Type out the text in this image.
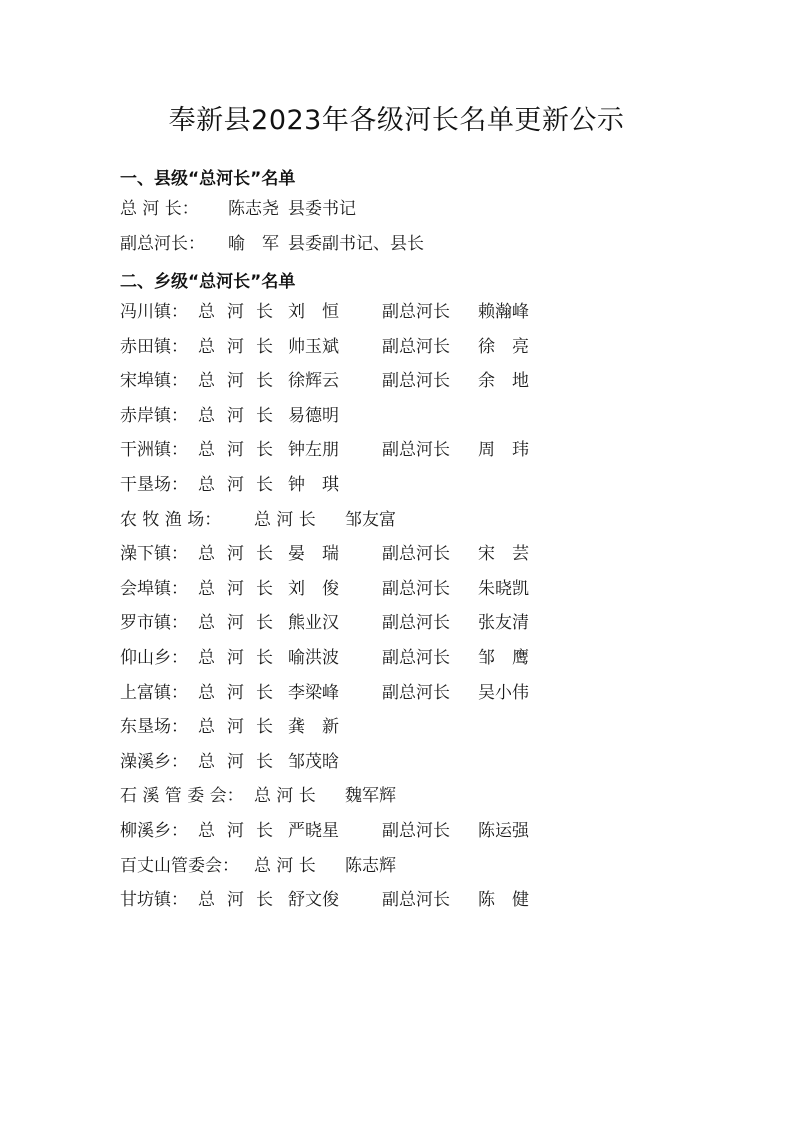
奉新县2023年各级河长名单更新公示
一、县级“总河长”名单
总 河 长： 陈志尧 县委书记
副总河长： 喻　军 县委副书记、县长
二、乡级“总河长”名单
冯川镇： 总河长 刘恒 副总河长 赖瀚峰
赤田镇： 总河长 帅玉斌	副总河长 徐亮
宋埠镇： 总河长 徐辉云	副总河长 余地
赤岸镇： 总河长 易德明
干洲镇： 总河长 钟左朋	副总河长 周玮
干垦场： 总河长 钟琪
农 牧 渔 场： 总 河 长 邹友富
澡下镇： 总河长 晏瑞 副总河长 宋芸
会埠镇： 总河长 刘俊 副总河长 朱晓凯
罗市镇： 总河长 熊业汉	副总河长 张友清
仰山乡： 总河长 喻洪波	副总河长 邹鹰
上富镇： 总河长 李梁峰	副总河长 吴小伟
东垦场： 总河长 龚新
澡溪乡： 总河长 邹茂晗
石 溪 管 委 会： 总 河 长 魏军辉
柳溪乡： 总河长 严晓星	副总河长 陈运强
百丈山管委会： 总 河 长 陈志辉
甘坊镇： 总河长 舒文俊	副总河长 陈健
